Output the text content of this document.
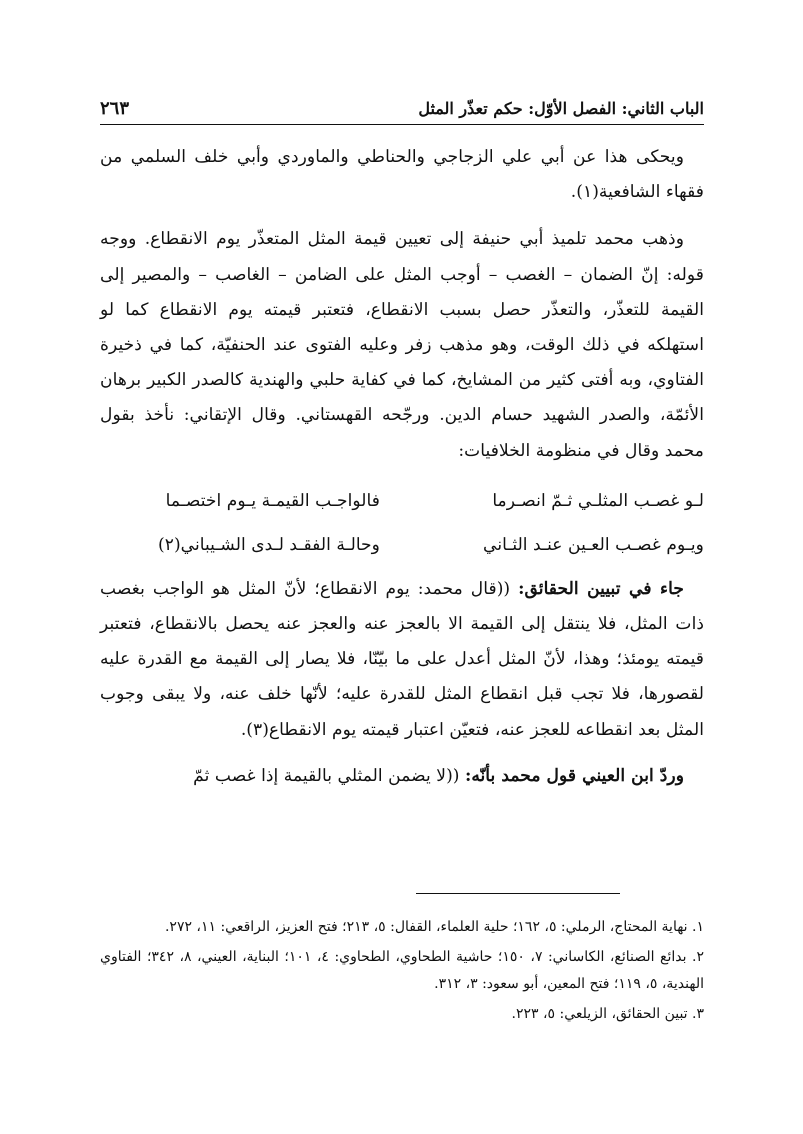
الباب الثاني: الفصل الأوّل: حكم تعذّر المثل
٢٦٣

ويحكى هذا عن أبي علي الزجاجي والحناطي والماوردي وأبي خلف السلمي من فقهاء الشافعية(١).

وذهب محمد تلميذ أبي حنيفة إلى تعيين قيمة المثل المتعذّر يوم الانقطاع. ووجه قوله: إنّ الضمان – الغصب – أوجب المثل على الضامن – الغاصب – والمصير إلى القيمة للتعذّر، والتعذّر حصل بسبب الانقطاع، فتعتبر قيمته يوم الانقطاع كما لو استهلكه في ذلك الوقت، وهو مذهب زفر وعليه الفتوى عند الحنفيّة، كما في ذخيرة الفتاوي، وبه أفتى كثير من المشايخ، كما في كفاية حلبي والهندية كالصدر الكبير برهان الأئمّة، والصدر الشهيد حسام الدين. ورجّحه القهستاني. وقال الإتقاني: نأخذ بقول محمد وقال في منظومة الخلافيات:

لـو غصـب المثلـي ثـمّ انصـرما
فالواجـب القيمـة يـوم اختصـما
ويـوم غصـب العـين عنـد الثـاني
وحالـة الفقـد لـدى الشـيباني(٢)

جاء في تبيين الحقائق: ((قال محمد: يوم الانقطاع؛ لأنّ المثل هو الواجب بغصب ذات المثل، فلا ينتقل إلى القيمة الا بالعجز عنه والعجز عنه يحصل بالانقطاع، فتعتبر قيمته يومئذ؛ وهذا، لأنّ المثل أعدل على ما بيّنّا، فلا يصار إلى القيمة مع القدرة عليه لقصورها، فلا تجب قبل انقطاع المثل للقدرة عليه؛ لأنّها خلف عنه، ولا يبقى وجوب المثل بعد انقطاعه للعجز عنه، فتعيّن اعتبار قيمته يوم الانقطاع(٣).

وردّ ابن العيني قول محمد بأنّه: ((لا يضمن المثلي بالقيمة إذا غصب ثمّ

١. نهاية المحتاج، الرملي: ٥، ١٦٢؛ حلية العلماء، القفال: ٥، ٢١٣؛ فتح العزيز، الراقعي: ١١، ٢٧٢.

٢. بدائع الصنائع، الكاساني: ٧، ١٥٠؛ حاشية الطحاوي، الطحاوي: ٤، ١٠١؛ البناية، العيني، ٨، ٣٤٢؛ الفتاوي الهندية، ٥، ١١٩؛ فتح المعين، أبو سعود: ٣، ٣١٢.

٣. تبين الحقائق، الزيلعي: ٥، ٢٢٣.
